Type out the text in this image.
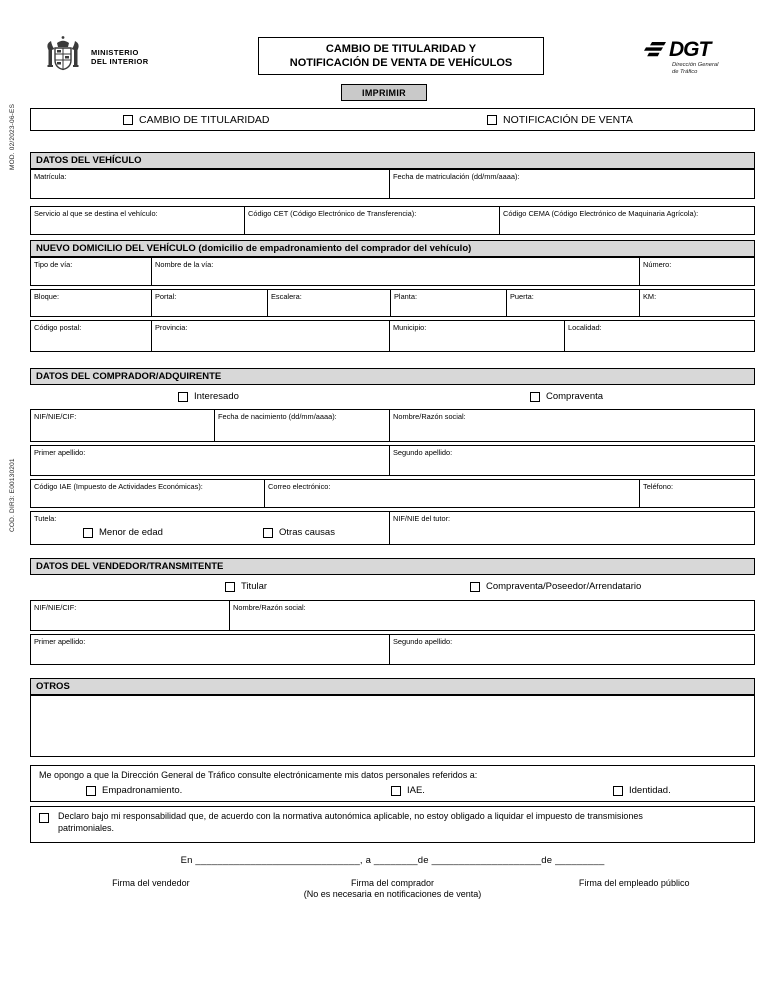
MINISTERIO
DEL INTERIOR
CAMBIO DE TITULARIDAD Y
NOTIFICACIÓN DE VENTA DE VEHÍCULOS
IMPRIMIR
DGT
Dirección General
de Tráfico
MOD. 02/2023-06-ES
COD. DIR3: E00130201
CAMBIO DE TITULARIDAD	NOTIFICACIÓN DE VENTA
DATOS DEL VEHÍCULO
Matrícula:	Fecha de matriculación (dd/mm/aaaa):
Servicio al que se destina el vehículo:	Código CET (Código Electrónico de Transferencia):	Código CEMA (Código Electrónico de Maquinaria Agrícola):
NUEVO DOMICILIO DEL VEHÍCULO (domicilio de empadronamiento del comprador del vehículo)
Tipo de vía:	Nombre de la vía:	Número:
Bloque:	Portal:	Escalera:	Planta:	Puerta:	KM:
Código postal:	Provincia:	Municipio:	Localidad:
DATOS DEL COMPRADOR/ADQUIRENTE
Interesado	Compraventa
NIF/NIE/CIF:	Fecha de nacimiento (dd/mm/aaaa):	Nombre/Razón social:
Primer apellido:	Segundo apellido:
Código IAE (Impuesto de Actividades Económicas):	Correo electrónico:	Teléfono:
Tutela:
Menor de edad	Otras causas
NIF/NIE del tutor:
DATOS DEL VENDEDOR/TRANSMITENTE
Titular	Compraventa/Poseedor/Arrendatario
NIF/NIE/CIF:	Nombre/Razón social:
Primer apellido:	Segundo apellido:
OTROS
Me opongo a que la Dirección General de Tráfico consulte electrónicamente mis datos personales referidos a:
Empadronamiento.	IAE.	Identidad.
Declaro bajo mi responsabilidad que, de acuerdo con la normativa autonómica aplicable, no estoy obligado a liquidar el impuesto de transmisiones patrimoniales.
En ______________________________, a ________de ____________________de _________
Firma del vendedor	Firma del comprador
(No es necesaria en notificaciones de venta)
Firma del empleado público
